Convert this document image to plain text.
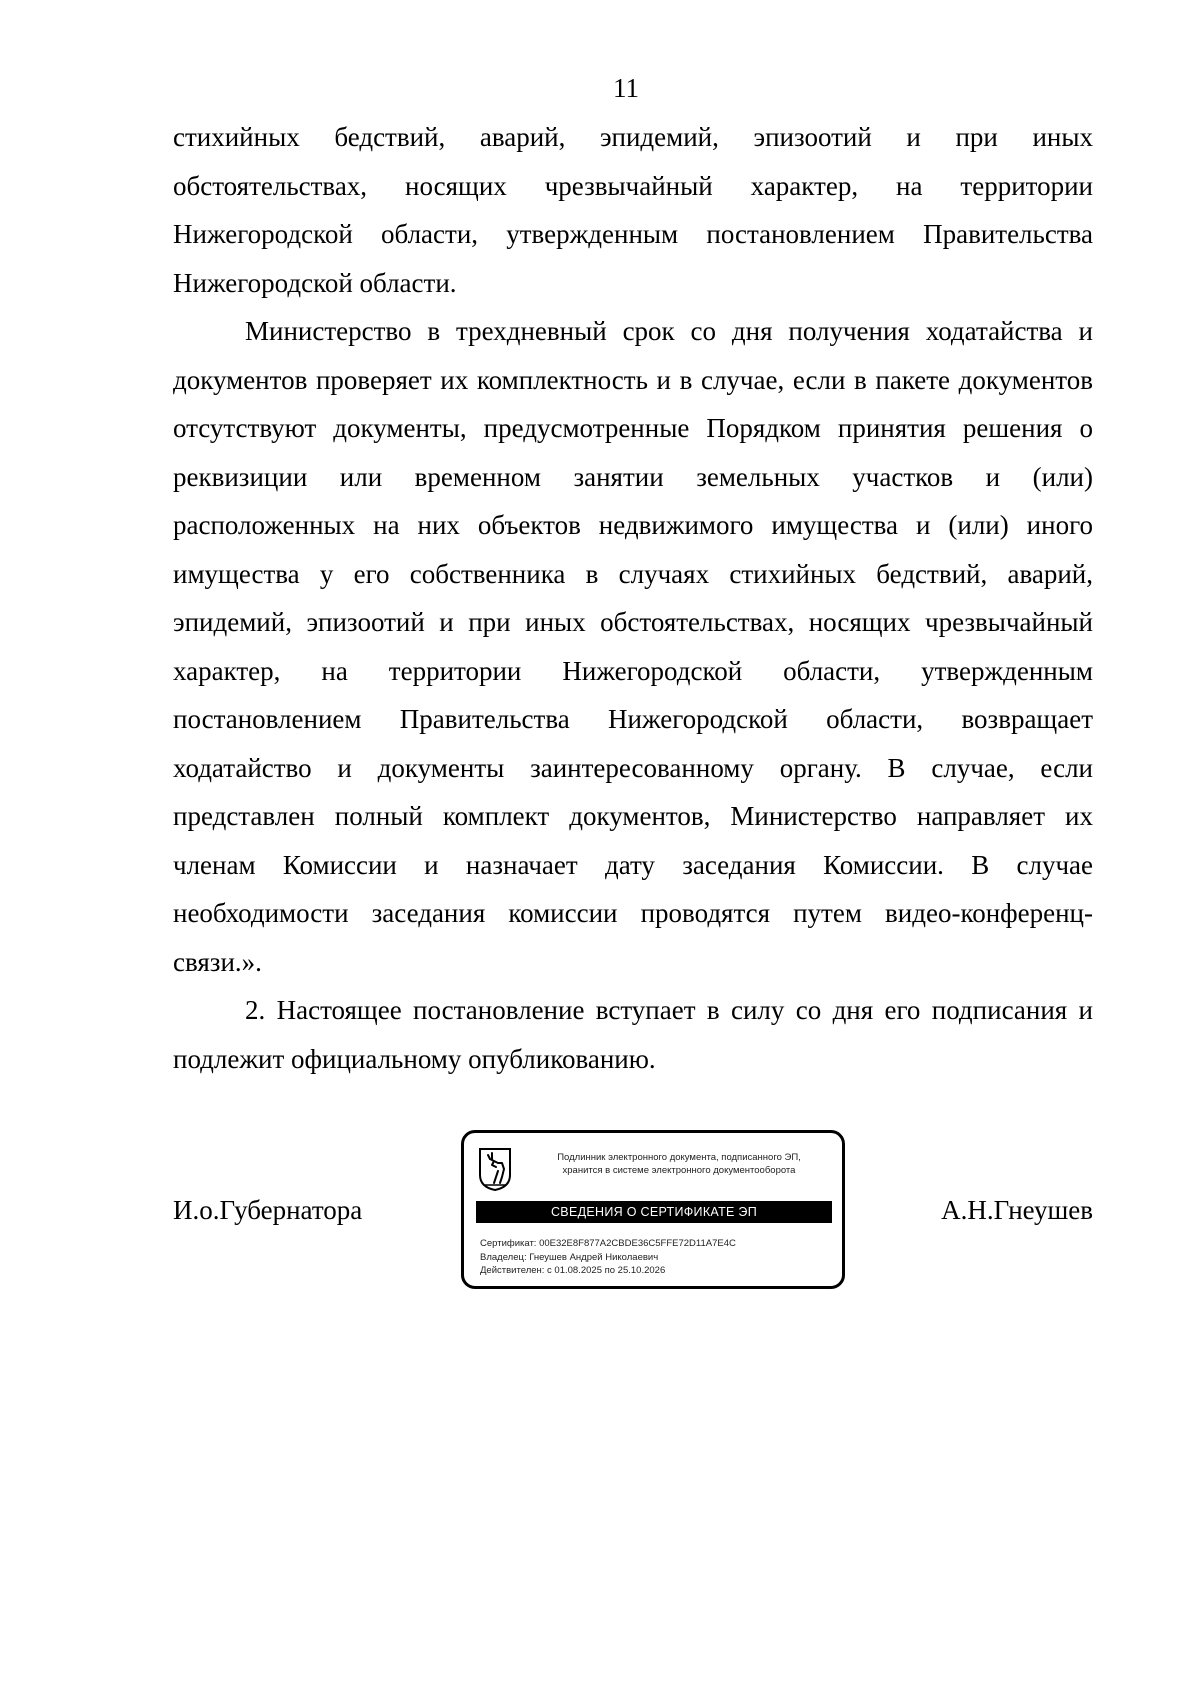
11

стихийных бедствий, аварий, эпидемий, эпизоотий и при иных обстоятельствах, носящих чрезвычайный характер, на территории Нижегородской области, утвержденным постановлением Правительства Нижегородской области.

Министерство в трехдневный срок со дня получения ходатайства и документов проверяет их комплектность и в случае, если в пакете документов отсутствуют документы, предусмотренные Порядком принятия решения о реквизиции или временном занятии земельных участков и (или) расположенных на них объектов недвижимого имущества и (или) иного имущества у его собственника в случаях стихийных бедствий, аварий, эпидемий, эпизоотий и при иных обстоятельствах, носящих чрезвычайный характер, на территории Нижегородской области, утвержденным постановлением Правительства Нижегородской области, возвращает ходатайство и документы заинтересованному органу. В случае, если представлен полный комплект документов, Министерство направляет их членам Комиссии и назначает дату заседания Комиссии. В случае необходимости заседания комиссии проводятся путем видео-конференц-связи.».

2. Настоящее постановление вступает в силу со дня его подписания и подлежит официальному опубликованию.

И.о.Губернатора
Подлинник электронного документа, подписанного ЭП,
хранится в системе электронного документооборота
СВЕДЕНИЯ О СЕРТИФИКАТЕ ЭП
Сертификат: 00E32E8F877A2CBDE36C5FFE72D11A7E4C
Владелец: Гнеушев Андрей Николаевич
Действителен: с 01.08.2025 по 25.10.2026
А.Н.Гнеушев
